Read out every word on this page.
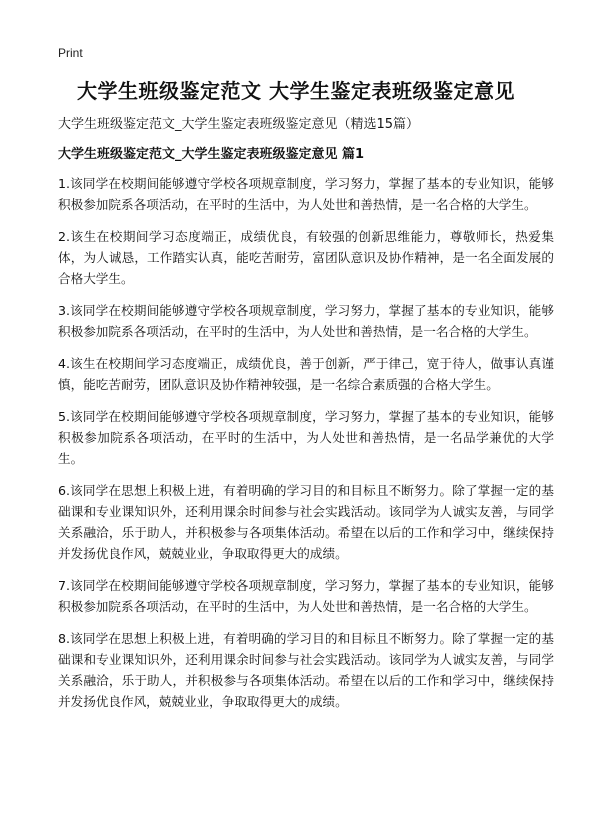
Print
大学生班级鉴定范文 大学生鉴定表班级鉴定意见
大学生班级鉴定范文_大学生鉴定表班级鉴定意见（精选15篇）
大学生班级鉴定范文_大学生鉴定表班级鉴定意见 篇1

1.该同学在校期间能够遵守学校各项规章制度，学习努力，掌握了基本的专业知识，能够积极参加院系各项活动，在平时的生活中，为人处世和善热情，是一名合格的大学生。

2.该生在校期间学习态度端正，成绩优良，有较强的创新思维能力，尊敬师长，热爱集体，为人诚恳，工作踏实认真，能吃苦耐劳，富团队意识及协作精神，是一名全面发展的合格大学生。

3.该同学在校期间能够遵守学校各项规章制度，学习努力，掌握了基本的专业知识，能够积极参加院系各项活动，在平时的生活中，为人处世和善热情，是一名合格的大学生。

4.该生在校期间学习态度端正，成绩优良，善于创新，严于律己，宽于待人，做事认真谨慎，能吃苦耐劳，团队意识及协作精神较强，是一名综合素质强的合格大学生。

5.该同学在校期间能够遵守学校各项规章制度，学习努力，掌握了基本的专业知识，能够积极参加院系各项活动，在平时的生活中，为人处世和善热情，是一名品学兼优的大学生。

6.该同学在思想上积极上进，有着明确的学习目的和目标且不断努力。除了掌握一定的基础课和专业课知识外，还利用课余时间参与社会实践活动。该同学为人诚实友善，与同学关系融洽，乐于助人，并积极参与各项集体活动。希望在以后的工作和学习中，继续保持并发扬优良作风，兢兢业业，争取取得更大的成绩。

7.该同学在校期间能够遵守学校各项规章制度，学习努力，掌握了基本的专业知识，能够积极参加院系各项活动，在平时的生活中，为人处世和善热情，是一名合格的大学生。

8.该同学在思想上积极上进，有着明确的学习目的和目标且不断努力。除了掌握一定的基础课和专业课知识外，还利用课余时间参与社会实践活动。该同学为人诚实友善，与同学关系融洽，乐于助人，并积极参与各项集体活动。希望在以后的工作和学习中，继续保持并发扬优良作风，兢兢业业，争取取得更大的成绩。
